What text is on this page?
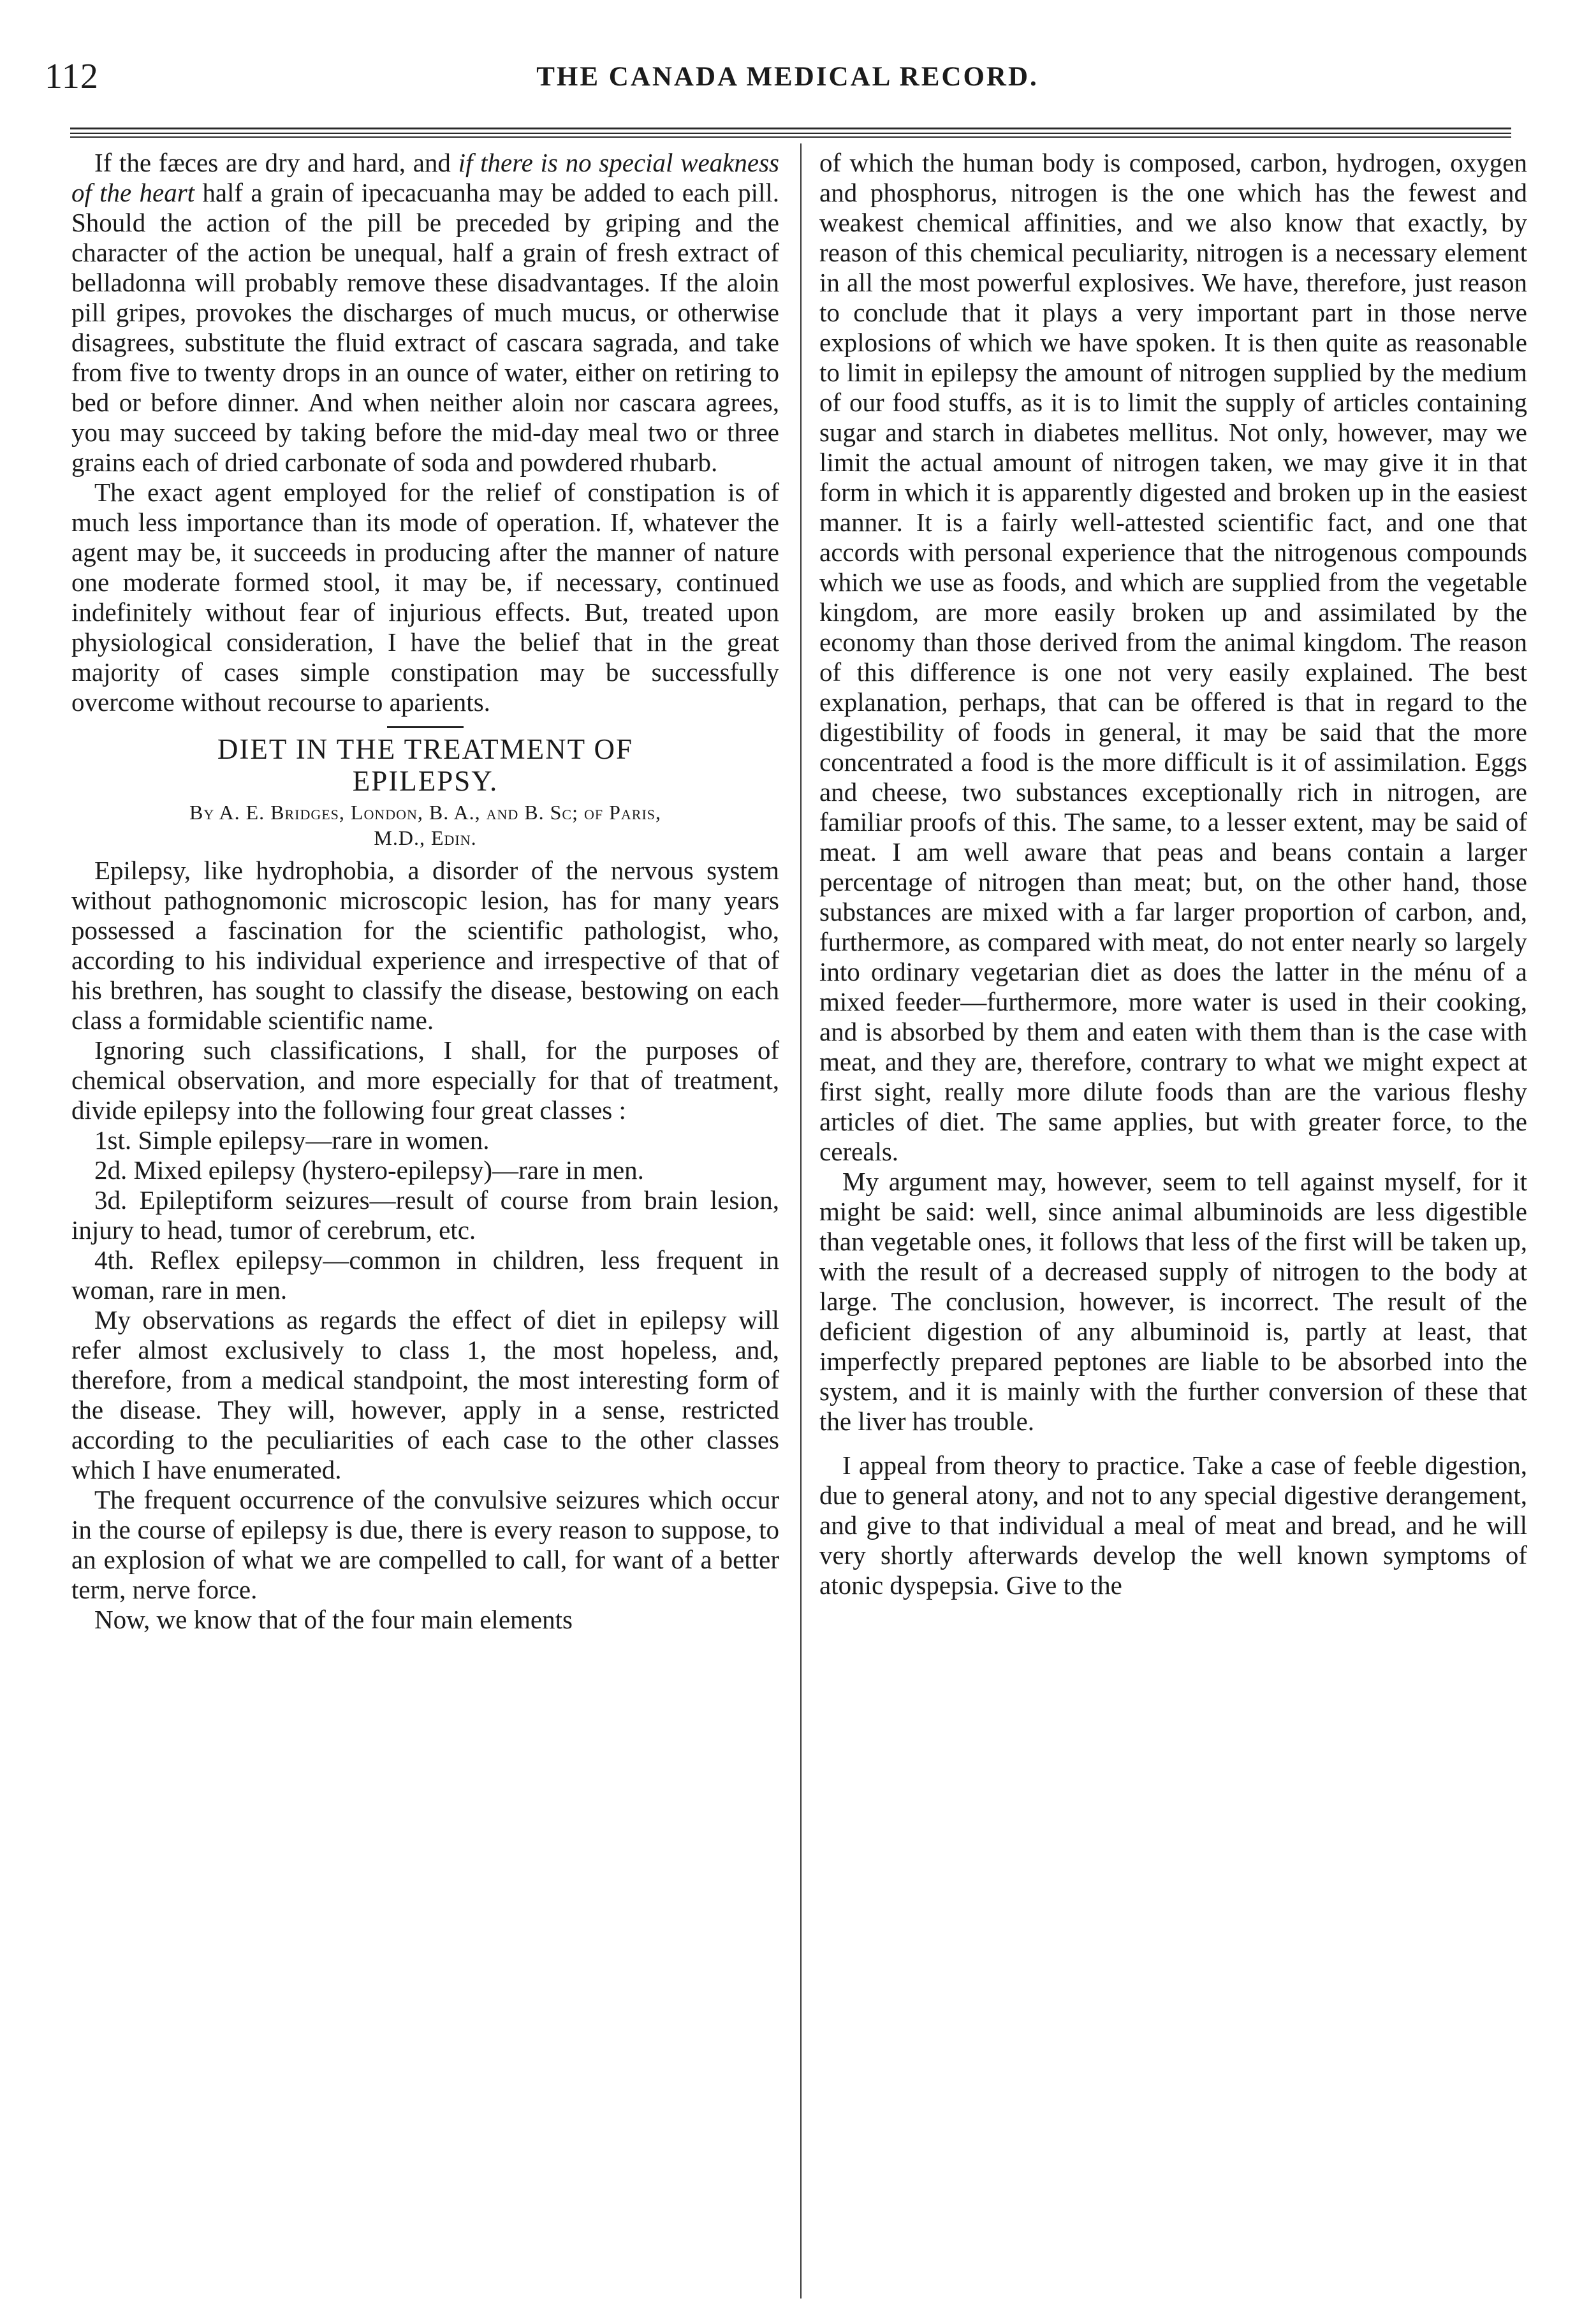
112	THE CANADA MEDICAL RECORD.

If the fæces are dry and hard, and if there is no special weakness of the heart half a grain of ipecacuanha may be added to each pill. Should the action of the pill be preceded by griping and the character of the action be unequal, half a grain of fresh extract of belladonna will probably remove these disadvantages. If the aloin pill gripes, provokes the discharges of much mucus, or otherwise disagrees, substitute the fluid extract of cascara sagrada, and take from five to twenty drops in an ounce of water, either on retiring to bed or before dinner. And when neither aloin nor cascara agrees, you may succeed by taking before the mid-day meal two or three grains each of dried carbonate of soda and powdered rhubarb.

The exact agent employed for the relief of constipation is of much less importance than its mode of operation. If, whatever the agent may be, it succeeds in producing after the manner of nature one moderate formed stool, it may be, if necessary, continued indefinitely without fear of injurious effects. But, treated upon physiological consideration, I have the belief that in the great majority of cases simple constipation may be successfully overcome without recourse to aparients.

DIET IN THE TREATMENT OF
EPILEPSY.
By A. E. Bridges, London, B. A., and B. Sc; of Paris,
M.D., Edin.

Epilepsy, like hydrophobia, a disorder of the nervous system without pathognomonic microscopic lesion, has for many years possessed a fascination for the scientific pathologist, who, according to his individual experience and irrespective of that of his brethren, has sought to classify the disease, bestowing on each class a formidable scientific name.

Ignoring such classifications, I shall, for the purposes of chemical observation, and more especially for that of treatment, divide epilepsy into the following four great classes :

1st. Simple epilepsy—rare in women.

2d. Mixed epilepsy (hystero-epilepsy)—rare in men.

3d. Epileptiform seizures—result of course from brain lesion, injury to head, tumor of cerebrum, etc.

4th. Reflex epilepsy—common in children, less frequent in woman, rare in men.

My observations as regards the effect of diet in epilepsy will refer almost exclusively to class 1, the most hopeless, and, therefore, from a medical standpoint, the most interesting form of the disease. They will, however, apply in a sense, restricted according to the peculiarities of each case to the other classes which I have enumerated.

The frequent occurrence of the convulsive seizures which occur in the course of epilepsy is due, there is every reason to suppose, to an explosion of what we are compelled to call, for want of a better term, nerve force.

Now, we know that of the four main elements

of which the human body is composed, carbon, hydrogen, oxygen and phosphorus, nitrogen is the one which has the fewest and weakest chemical affinities, and we also know that exactly, by reason of this chemical peculiarity, nitrogen is a necessary element in all the most powerful explosives. We have, therefore, just reason to conclude that it plays a very important part in those nerve explosions of which we have spoken. It is then quite as reasonable to limit in epilepsy the amount of nitrogen supplied by the medium of our food stuffs, as it is to limit the supply of articles containing sugar and starch in diabetes mellitus. Not only, however, may we limit the actual amount of nitrogen taken, we may give it in that form in which it is apparently digested and broken up in the easiest manner. It is a fairly well-attested scientific fact, and one that accords with personal experience that the nitrogenous compounds which we use as foods, and which are supplied from the vegetable kingdom, are more easily broken up and assimilated by the economy than those derived from the animal kingdom. The reason of this difference is one not very easily explained. The best explanation, perhaps, that can be offered is that in regard to the digestibility of foods in general, it may be said that the more concentrated a food is the more difficult is it of assimilation. Eggs and cheese, two substances exceptionally rich in nitrogen, are familiar proofs of this. The same, to a lesser extent, may be said of meat. I am well aware that peas and beans contain a larger percentage of nitrogen than meat; but, on the other hand, those substances are mixed with a far larger proportion of carbon, and, furthermore, as compared with meat, do not enter nearly so largely into ordinary vegetarian diet as does the latter in the ménu of a mixed feeder—furthermore, more water is used in their cooking, and is absorbed by them and eaten with them than is the case with meat, and they are, therefore, contrary to what we might expect at first sight, really more dilute foods than are the various fleshy articles of diet. The same applies, but with greater force, to the cereals.

My argument may, however, seem to tell against myself, for it might be said: well, since animal albuminoids are less digestible than vegetable ones, it follows that less of the first will be taken up, with the result of a decreased supply of nitrogen to the body at large. The conclusion, however, is incorrect. The result of the deficient digestion of any albuminoid is, partly at least, that imperfectly prepared peptones are liable to be absorbed into the system, and it is mainly with the further conversion of these that the liver has trouble.

I appeal from theory to practice. Take a case of feeble digestion, due to general atony, and not to any special digestive derangement, and give to that individual a meal of meat and bread, and he will very shortly afterwards develop the well known symptoms of atonic dyspepsia. Give to the
